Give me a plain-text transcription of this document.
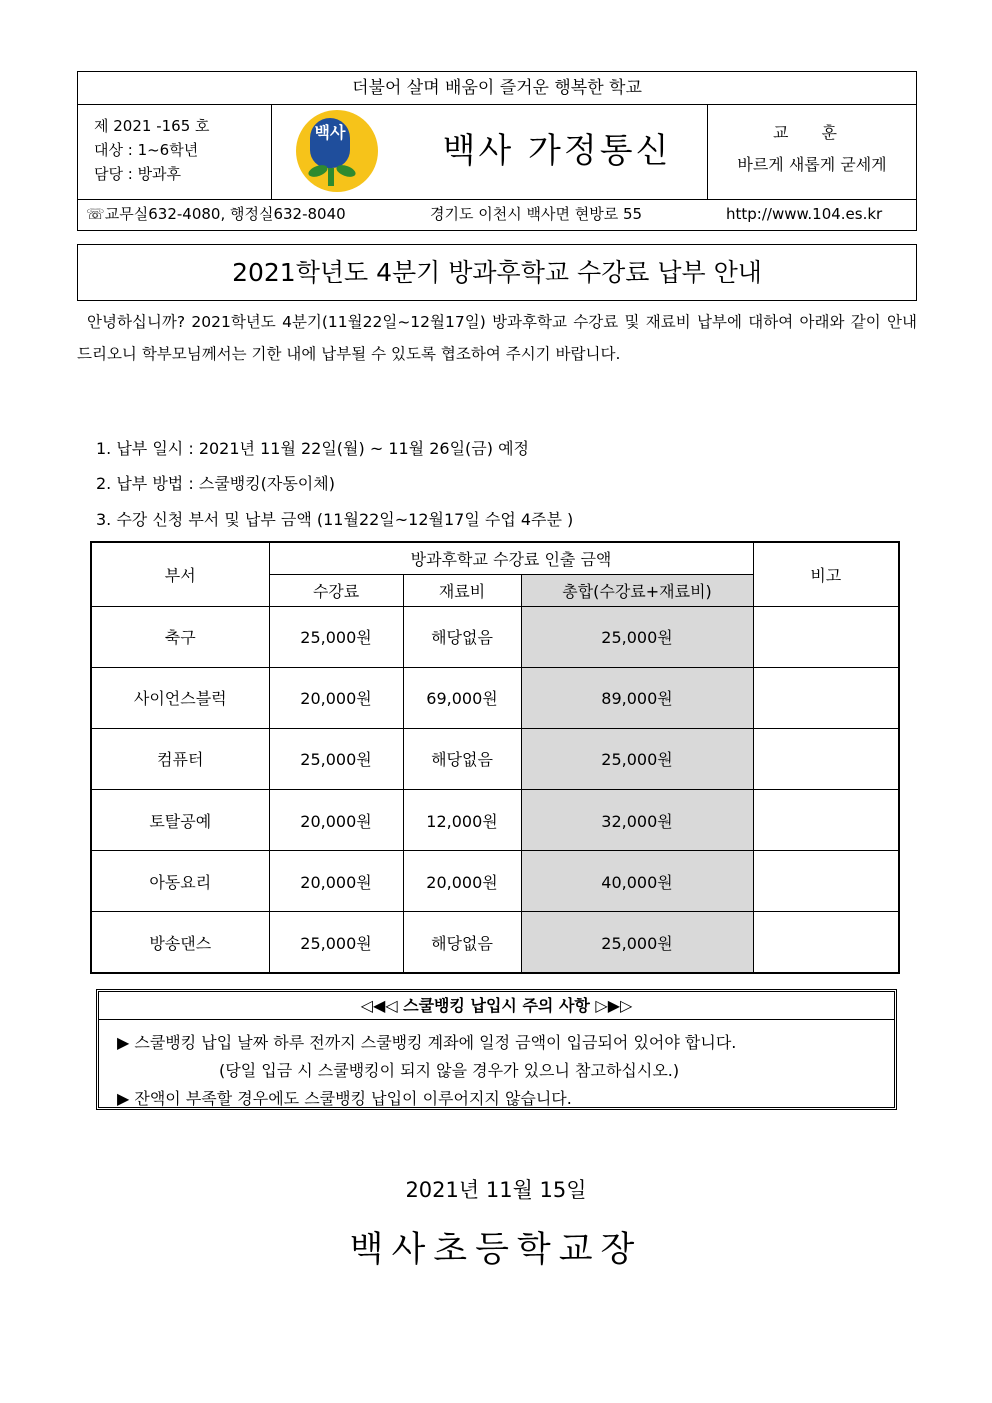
더불어 살며 배움이 즐거운 행복한 학교
제 2021 -165 호
대상 : 1~6학년
담당 : 방과후
백사	백사 가정통신	교 훈
바르게 새롭게 굳세게
☏교무실632-4080, 행정실632-8040	경기도 이천시 백사면 현방로 55	http://www.104.es.kr
2021학년도 4분기 방과후학교 수강료 납부 안내
안녕하십니까? 2021학년도 4분기(11월22일~12월17일) 방과후학교 수강료 및 재료비 납부에 대하여 아래와 같이 안내 드리오니 학부모님께서는 기한 내에 납부될 수 있도록 협조하여 주시기 바랍니다.
1. 납부 일시 : 2021년 11월 22일(월) ~ 11월 26일(금) 예정
2. 납부 방법 : 스쿨뱅킹(자동이체)
3. 수강 신청 부서 및 납부 금액 (11월22일~12월17일 수업 4주분 )
부서	방과후학교 수강료 인출 금액			비고
	수강료	재료비	총합(수강료+재료비)	
축구	25,000원	해당없음	25,000원	
사이언스블럭	20,000원	69,000원	89,000원	
컴퓨터	25,000원	해당없음	25,000원	
토탈공예	20,000원	12,000원	32,000원	
아동요리	20,000원	20,000원	40,000원	
방송댄스	25,000원	해당없음	25,000원	
◁◀◁ 스쿨뱅킹 납입시 주의 사항 ▷▶▷
▶ 스쿨뱅킹 납입 날짜 하루 전까지 스쿨뱅킹 계좌에 일정 금액이 입금되어 있어야 합니다.
(당일 입금 시 스쿨뱅킹이 되지 않을 경우가 있으니 참고하십시오.)
▶ 잔액이 부족할 경우에도 스쿨뱅킹 납입이 이루어지지 않습니다.
2021년 11월 15일
백사초등학교장
